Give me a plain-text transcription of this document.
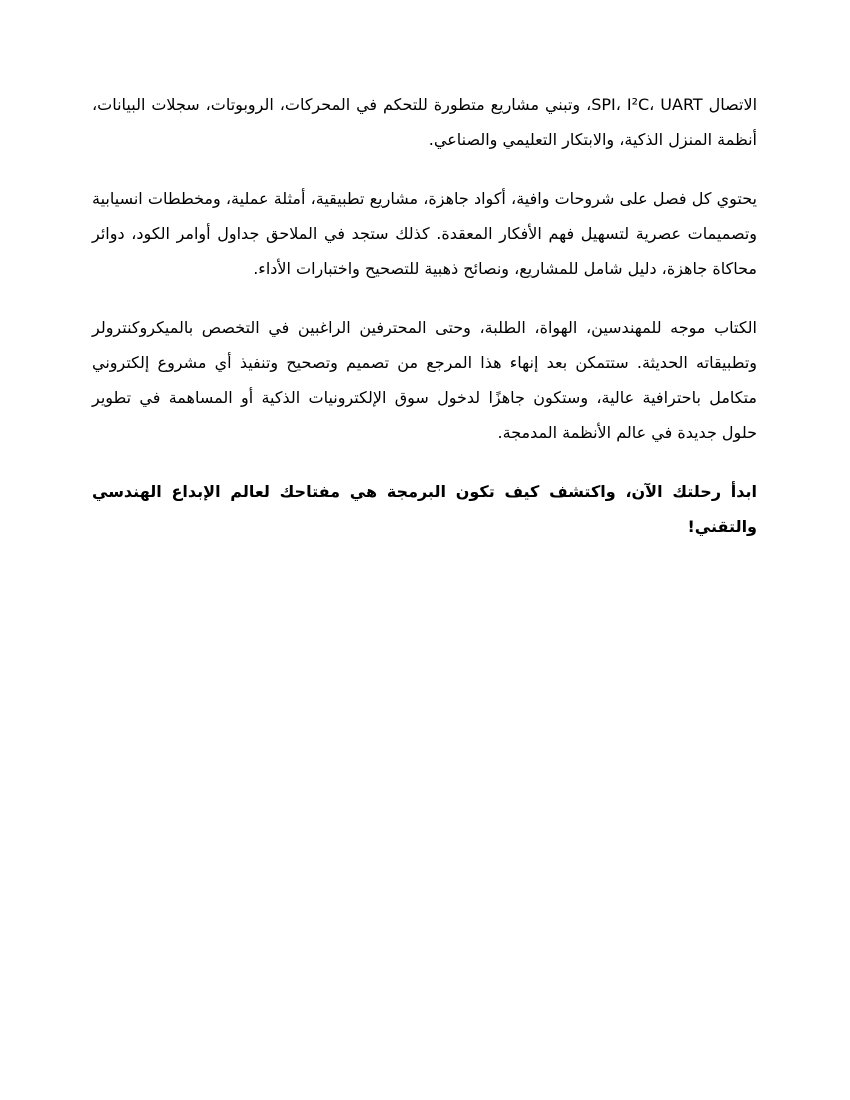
الاتصال SPI، I²C، UART، وتبني مشاريع متطورة للتحكم في المحركات، الروبوتات، سجلات البيانات، أنظمة المنزل الذكية، والابتكار التعليمي والصناعي.

يحتوي كل فصل على شروحات وافية، أكواد جاهزة، مشاريع تطبيقية، أمثلة عملية، ومخططات انسيابية وتصميمات عصرية لتسهيل فهم الأفكار المعقدة. كذلك ستجد في الملاحق جداول أوامر الكود، دوائر محاكاة جاهزة، دليل شامل للمشاريع، ونصائح ذهبية للتصحيح واختبارات الأداء.

الكتاب موجه للمهندسين، الهواة، الطلبة، وحتى المحترفين الراغبين في التخصص بالميكروكنترولر وتطبيقاته الحديثة. ستتمكن بعد إنهاء هذا المرجع من تصميم وتصحيح وتنفيذ أي مشروع إلكتروني متكامل باحترافية عالية، وستكون جاهزًا لدخول سوق الإلكترونيات الذكية أو المساهمة في تطوير حلول جديدة في عالم الأنظمة المدمجة.

ابدأ رحلتك الآن، واكتشف كيف تكون البرمجة هي مفتاحك لعالم الإبداع الهندسي والتقني!
